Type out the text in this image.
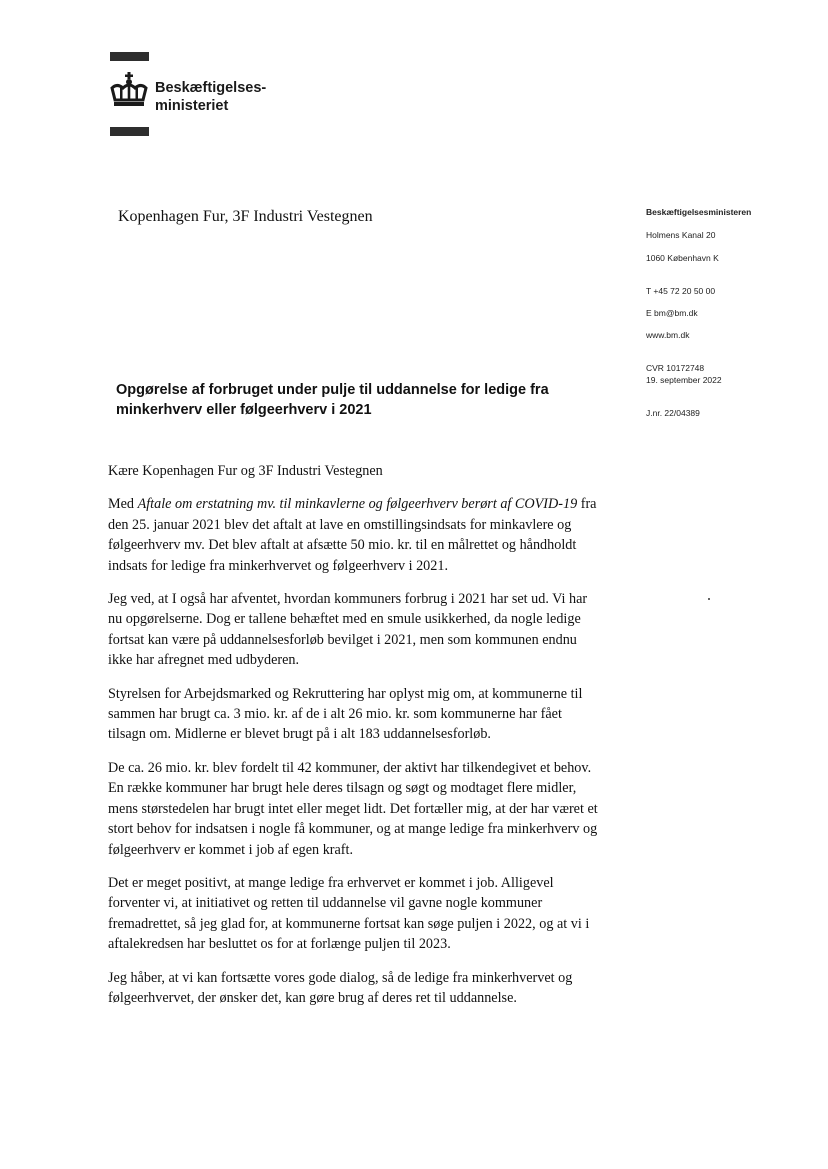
Beskæftigelses-
ministeriet
Kopenhagen Fur, 3F Industri Vestegnen	Beskæftigelsesministeren
Holmens Kanal 20
1060 København K
T +45 72 20 50 00
E bm@bm.dk
www.bm.dk
CVR 10172748
19. september 2022
J.nr. 22/04389
Opgørelse af forbruget under pulje til uddannelse for ledige fra minkerhverv eller følgeerhverv i 2021

Kære Kopenhagen Fur og 3F Industri Vestegnen

Med Aftale om erstatning mv. til minkavlerne og følgeerhverv berørt af COVID-19 fra den 25. januar 2021 blev det aftalt at lave en omstillingsindsats for minkavlere og følgeerhverv mv. Det blev aftalt at afsætte 50 mio. kr. til en målrettet og håndholdt indsats for ledige fra minkerhvervet og følgeerhverv i 2021.

Jeg ved, at I også har afventet, hvordan kommuners forbrug i 2021 har set ud. Vi har nu opgørelserne. Dog er tallene behæftet med en smule usikkerhed, da nogle ledige fortsat kan være på uddannelsesforløb bevilget i 2021, men som kommunen endnu ikke har afregnet med udbyderen.

Styrelsen for Arbejdsmarked og Rekruttering har oplyst mig om, at kommunerne til sammen har brugt ca. 3 mio. kr. af de i alt 26 mio. kr. som kommunerne har fået tilsagn om. Midlerne er blevet brugt på i alt 183 uddannelsesforløb.

De ca. 26 mio. kr. blev fordelt til 42 kommuner, der aktivt har tilkendegivet et behov. En række kommuner har brugt hele deres tilsagn og søgt og modtaget flere midler, mens størstedelen har brugt intet eller meget lidt. Det fortæller mig, at der har været et stort behov for indsatsen i nogle få kommuner, og at mange ledige fra minkerhverv og følgeerhverv er kommet i job af egen kraft.

Det er meget positivt, at mange ledige fra erhvervet er kommet i job. Alligevel forventer vi, at initiativet og retten til uddannelse vil gavne nogle kommuner fremadrettet, så jeg glad for, at kommunerne fortsat kan søge puljen i 2022, og at vi i aftalekredsen har besluttet os for at forlænge puljen til 2023.

Jeg håber, at vi kan fortsætte vores gode dialog, så de ledige fra minkerhvervet og følgeerhvervet, der ønsker det, kan gøre brug af deres ret til uddannelse.
